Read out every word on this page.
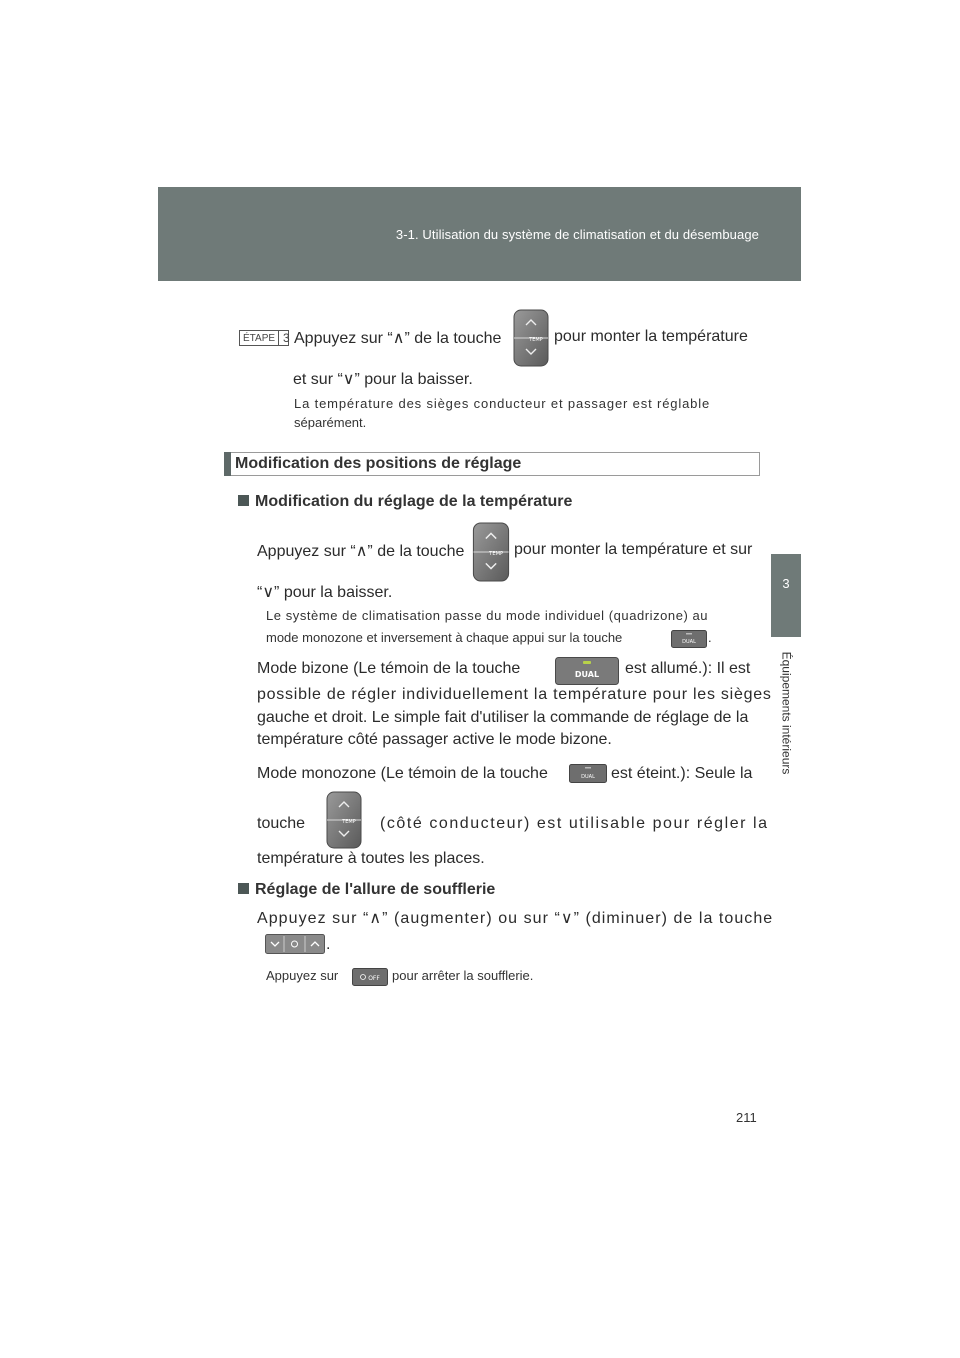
3-1. Utilisation du système de climatisation et du désembuage
3
Équipements intérieurs
ÉTAPE 3 Appuyez sur “∧” de la touche	TEMP pour monter la température
et sur “∨” pour la baisser.
La température des sièges conducteur et passager est réglable
séparément.
Modification des positions de réglage
Modification du réglage de la température
Appuyez sur “∧” de la touche	TEMP pour monter la température et sur
“∨” pour la baisser.
Le système de climatisation passe du mode individuel (quadrizone) au
mode monozone et inversement à chaque appui sur la touche	DUAL .
Mode bizone (Le témoin de la touche	DUAL est allumé.): Il est
possible de régler individuellement la température pour les sièges
gauche et droit. Le simple fait d'utiliser la commande de réglage de la
température côté passager active le mode bizone.
Mode monozone (Le témoin de la touche	DUAL est éteint.): Seule la
touche	TEMP (côté conducteur) est utilisable pour régler la
température à toutes les places.
Réglage de l'allure de soufflerie
Appuyez sur “∧” (augmenter) ou sur “∨” (diminuer) de la touche
.
Appuyez sur	OFF pour arrêter la soufflerie.
211
